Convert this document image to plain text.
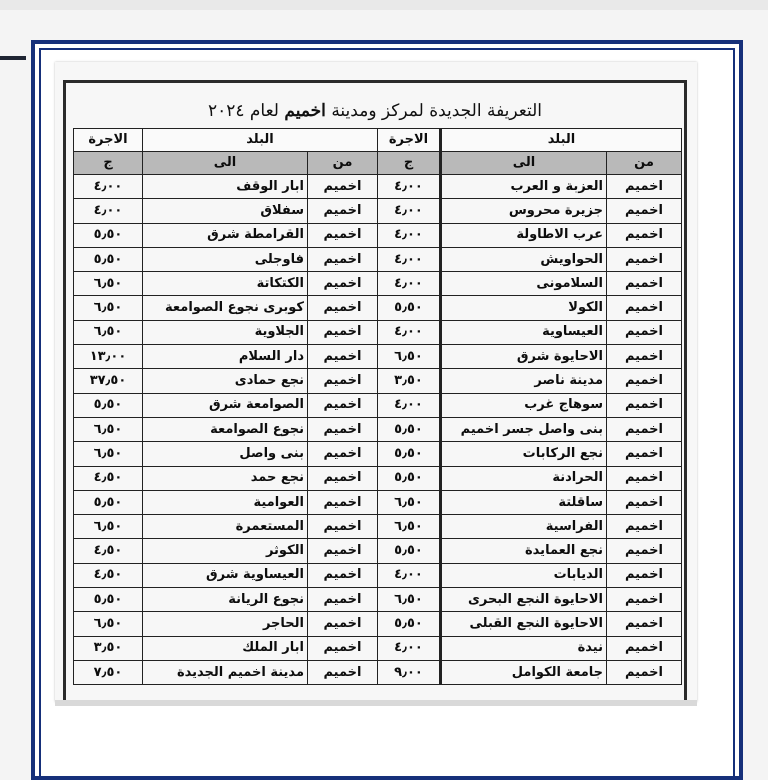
التعريفة الجديدة لمركز ومدينة اخميم لعام ٢٠٢٤
البلد		الاجرة	البلد		الاجرة
من	الى	ج	من	الى	ج
اخميم	العزبة و العرب	٤٫٠٠	اخميم	ابار الوقف	٤٫٠٠
اخميم	جزيرة محروس	٤٫٠٠	اخميم	سفلاق	٤٫٠٠
اخميم	عرب الاطاولة	٤٫٠٠	اخميم	القرامطة شرق	٥٫٥٠
اخميم	الحواويش	٤٫٠٠	اخميم	فاوجلى	٥٫٥٠
اخميم	السلامونى	٤٫٠٠	اخميم	الكتكاتة	٦٫٥٠
اخميم	الكولا	٥٫٥٠	اخميم	كوبرى نجوع الصوامعة	٦٫٥٠
اخميم	العيساوية	٤٫٠٠	اخميم	الجلاوية	٦٫٥٠
اخميم	الاحايوة شرق	٦٫٥٠	اخميم	دار السلام	١٣٫٠٠
اخميم	مدينة ناصر	٣٫٥٠	اخميم	نجع حمادى	٣٧٫٥٠
اخميم	سوهاج غرب	٤٫٠٠	اخميم	الصوامعة شرق	٥٫٥٠
اخميم	بنى واصل جسر اخميم	٥٫٥٠	اخميم	نجوع الصوامعة	٦٫٥٠
اخميم	نجع الركابات	٥٫٥٠	اخميم	بنى واصل	٦٫٥٠
اخميم	الحرادنة	٥٫٥٠	اخميم	نجع حمد	٤٫٥٠
اخميم	ساقلتة	٦٫٥٠	اخميم	العوامية	٥٫٥٠
اخميم	الفراسية	٦٫٥٠	اخميم	المستعمرة	٦٫٥٠
اخميم	نجع العمايدة	٥٫٥٠	اخميم	الكوثر	٤٫٥٠
اخميم	الديابات	٤٫٠٠	اخميم	العيساوية شرق	٤٫٥٠
اخميم	الاحايوة النجع البحرى	٦٫٥٠	اخميم	نجوع الريانة	٥٫٥٠
اخميم	الاحايوة النجع القبلى	٥٫٥٠	اخميم	الحاجر	٦٫٥٠
اخميم	نيدة	٤٫٠٠	اخميم	ابار الملك	٣٫٥٠
اخميم	جامعة الكوامل	٩٫٠٠	اخميم	مدينة اخميم الجديدة	٧٫٥٠
